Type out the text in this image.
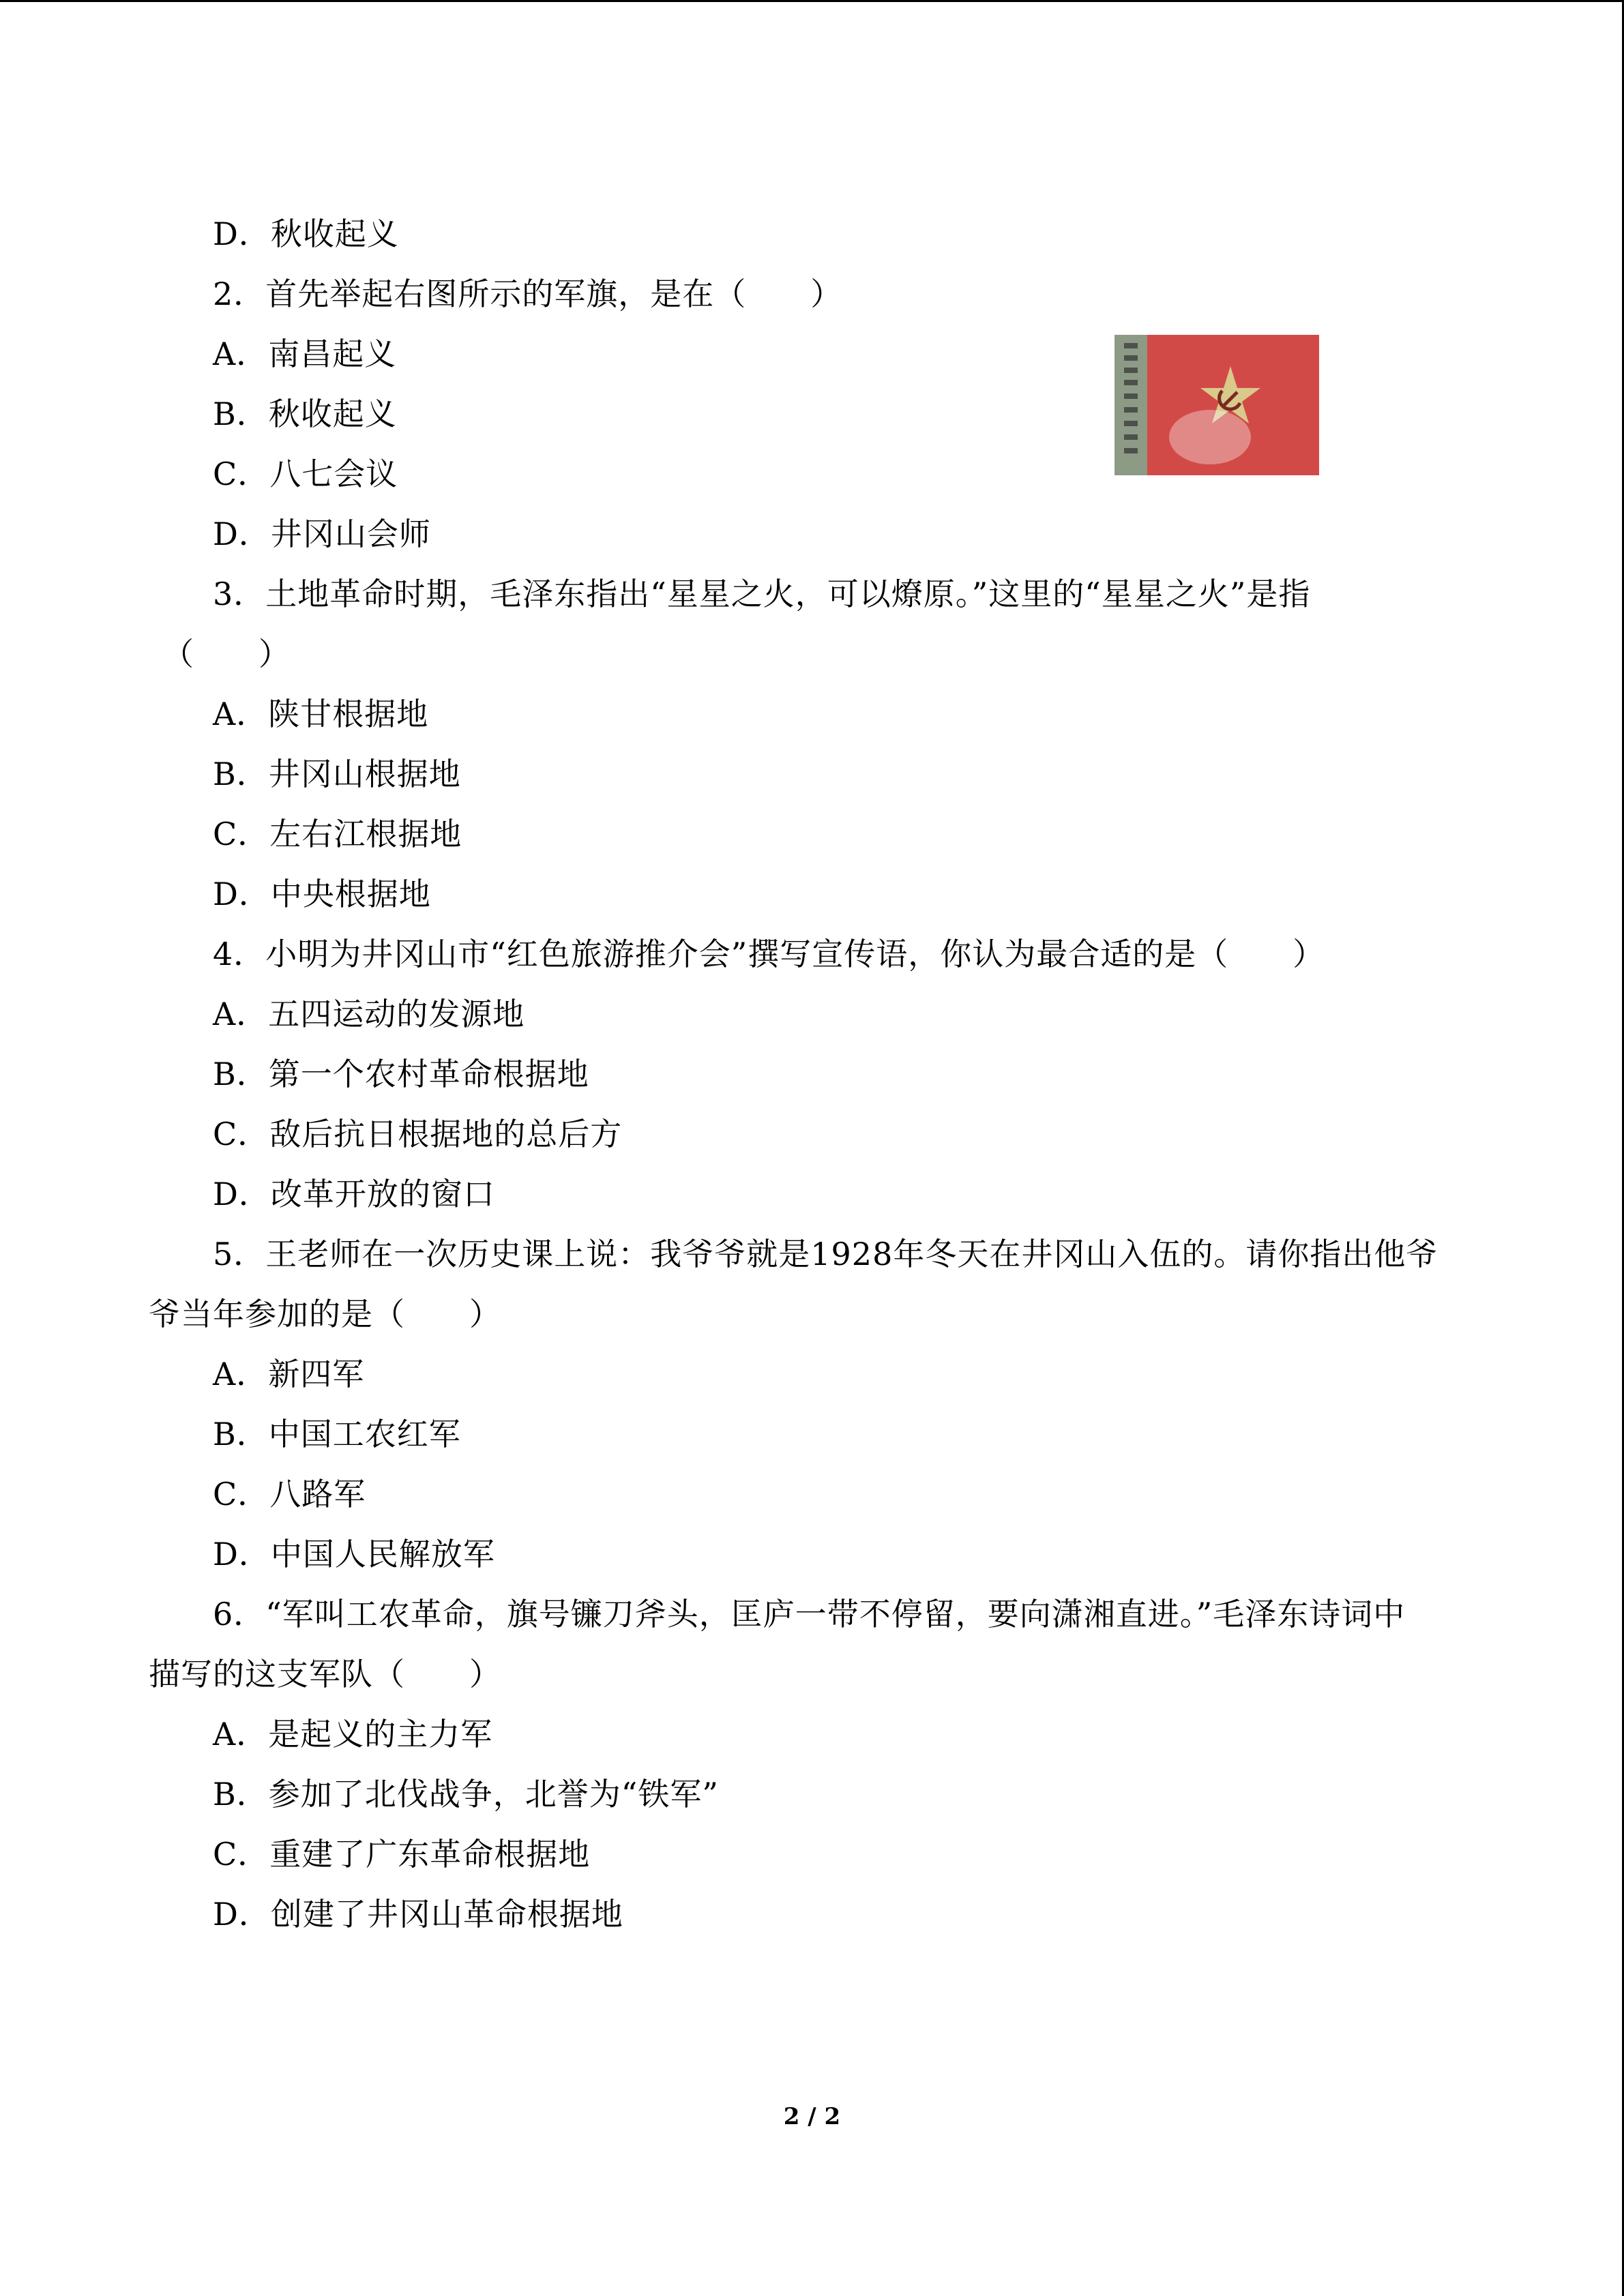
D．秋收起义
2．首先举起右图所示的军旗，是在（　　）
A．南昌起义
B．秋收起义
C．八七会议
D．井冈山会师
3．土地革命时期，毛泽东指出“星星之火，可以燎原。”这里的“星星之火”是指
（　　）
A．陕甘根据地
B．井冈山根据地
C．左右江根据地
D．中央根据地
4．小明为井冈山市“红色旅游推介会”撰写宣传语，你认为最合适的是（　　）
A．五四运动的发源地
B．第一个农村革命根据地
C．敌后抗日根据地的总后方
D．改革开放的窗口
5．王老师在一次历史课上说：我爷爷就是1928年冬天在井冈山入伍的。请你指出他爷
爷当年参加的是（　　）
A．新四军
B．中国工农红军
C．八路军
D．中国人民解放军
6．“军叫工农革命，旗号镰刀斧头，匡庐一带不停留，要向潇湘直进。”毛泽东诗词中
描写的这支军队（　　）
A．是起义的主力军
B．参加了北伐战争，北誉为“铁军”
C．重建了广东革命根据地
D．创建了井冈山革命根据地
2 / 2
